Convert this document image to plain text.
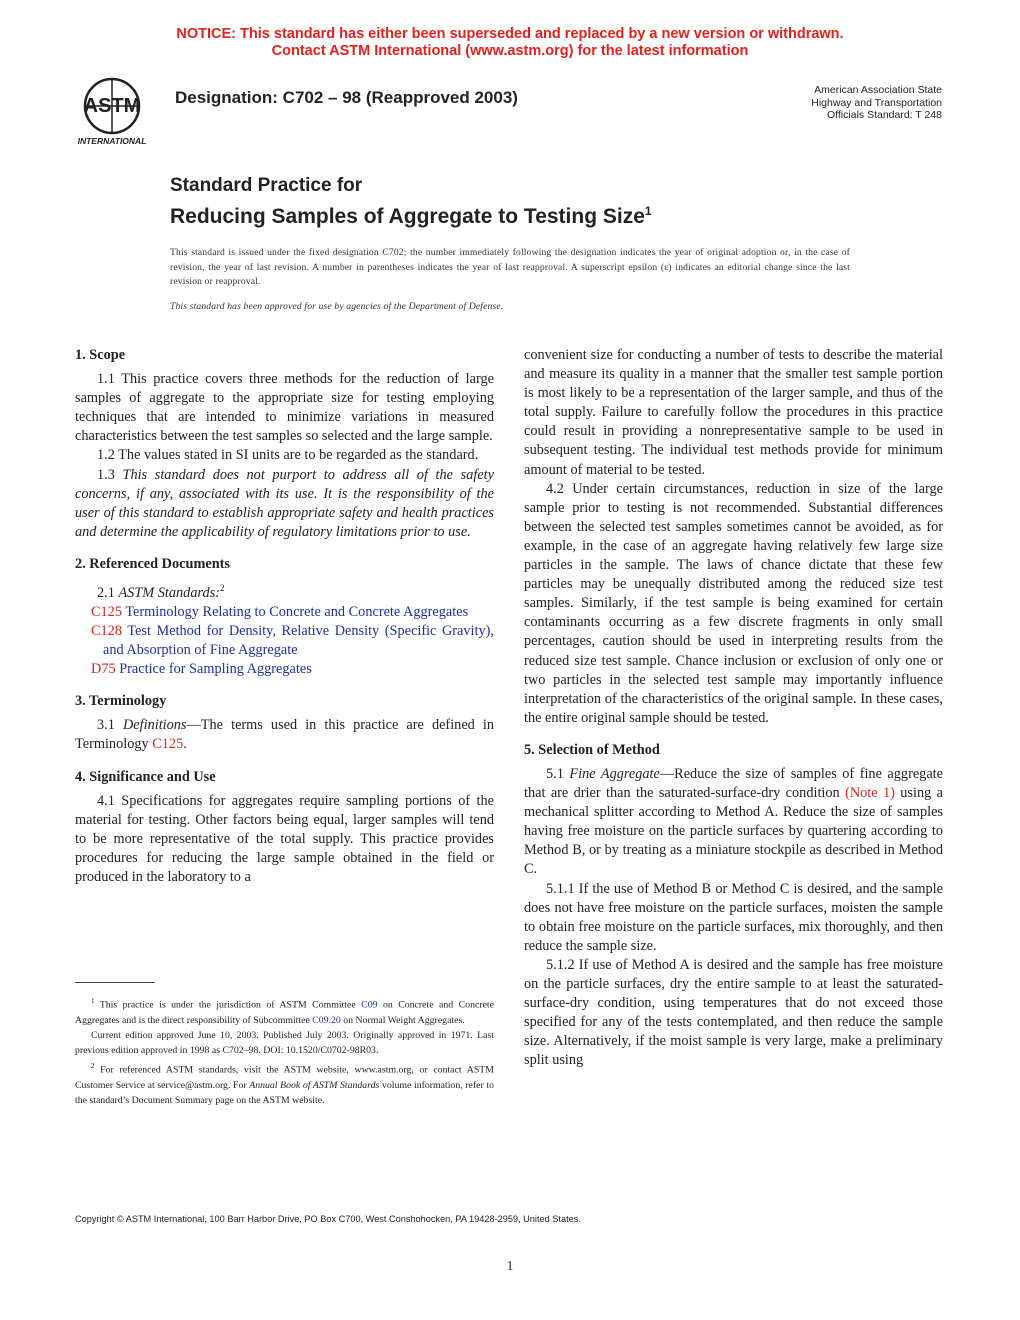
NOTICE: This standard has either been superseded and replaced by a new version or withdrawn.
Contact ASTM International (www.astm.org) for the latest information
ASTM
INTERNATIONAL
Designation: C702 – 98 (Reapproved 2003)	American Association State
Highway and Transportation
Officials Standard: T 248
Standard Practice for
Reducing Samples of Aggregate to Testing Size$^1$
This standard is issued under the fixed designation C702; the number immediately following the designation indicates the year of original adoption or, in the case of revision, the year of last revision. A number in parentheses indicates the year of last reapproval. A superscript epsilon (ε) indicates an editorial change since the last revision or reapproval.
This standard has been approved for use by agencies of the Department of Defense.
1. Scope

1.1 This practice covers three methods for the reduction of large samples of aggregate to the appropriate size for testing employing techniques that are intended to minimize variations in measured characteristics between the test samples so selected and the large sample.

1.2 The values stated in SI units are to be regarded as the standard.

1.3 This standard does not purport to address all of the safety concerns, if any, associated with its use. It is the responsibility of the user of this standard to establish appropriate safety and health practices and determine the applicability of regulatory limitations prior to use.

2. Referenced Documents

2.1 ASTM Standards:$^2$

C125 Terminology Relating to Concrete and Concrete Aggregates

C128 Test Method for Density, Relative Density (Specific Gravity), and Absorption of Fine Aggregate

D75 Practice for Sampling Aggregates

3. Terminology

3.1 Definitions—The terms used in this practice are defined in Terminology C125.

4. Significance and Use

4.1 Specifications for aggregates require sampling portions of the material for testing. Other factors being equal, larger samples will tend to be more representative of the total supply. This practice provides procedures for reducing the large sample obtained in the field or produced in the laboratory to a

convenient size for conducting a number of tests to describe the material and measure its quality in a manner that the smaller test sample portion is most likely to be a representation of the larger sample, and thus of the total supply. Failure to carefully follow the procedures in this practice could result in providing a nonrepresentative sample to be used in subsequent testing. The individual test methods provide for minimum amount of material to be tested.

4.2 Under certain circumstances, reduction in size of the large sample prior to testing is not recommended. Substantial differences between the selected test samples sometimes cannot be avoided, as for example, in the case of an aggregate having relatively few large size particles in the sample. The laws of chance dictate that these few particles may be unequally distributed among the reduced size test samples. Similarly, if the test sample is being examined for certain contaminants occurring as a few discrete fragments in only small percentages, caution should be used in interpreting results from the reduced size test sample. Chance inclusion or exclusion of only one or two particles in the selected test sample may importantly influence interpretation of the characteristics of the original sample. In these cases, the entire original sample should be tested.

5. Selection of Method

5.1 Fine Aggregate—Reduce the size of samples of fine aggregate that are drier than the saturated-surface-dry condition (Note 1) using a mechanical splitter according to Method A. Reduce the size of samples having free moisture on the particle surfaces by quartering according to Method B, or by treating as a miniature stockpile as described in Method C.

5.1.1 If the use of Method B or Method C is desired, and the sample does not have free moisture on the particle surfaces, moisten the sample to obtain free moisture on the particle surfaces, mix thoroughly, and then reduce the sample size.

5.1.2 If use of Method A is desired and the sample has free moisture on the particle surfaces, dry the entire sample to at least the saturated-surface-dry condition, using temperatures that do not exceed those specified for any of the tests contemplated, and then reduce the sample size. Alternatively, if the moist sample is very large, make a preliminary split using

$^1$ This practice is under the jurisdiction of ASTM Committee C09 on Concrete and Concrete Aggregates and is the direct responsibility of Subcommittee C09.20 on Normal Weight Aggregates.

Current edition approved June 10, 2003. Published July 2003. Originally approved in 1971. Last previous edition approved in 1998 as C702–98. DOI: 10.1520/C0702-98R03.

$^2$ For referenced ASTM standards, visit the ASTM website, www.astm.org, or contact ASTM Customer Service at service@astm.org. For Annual Book of ASTM Standards volume information, refer to the standard’s Document Summary page on the ASTM website.

Copyright © ASTM International, 100 Barr Harbor Drive, PO Box C700, West Conshohocken, PA 19428-2959, United States.
1
